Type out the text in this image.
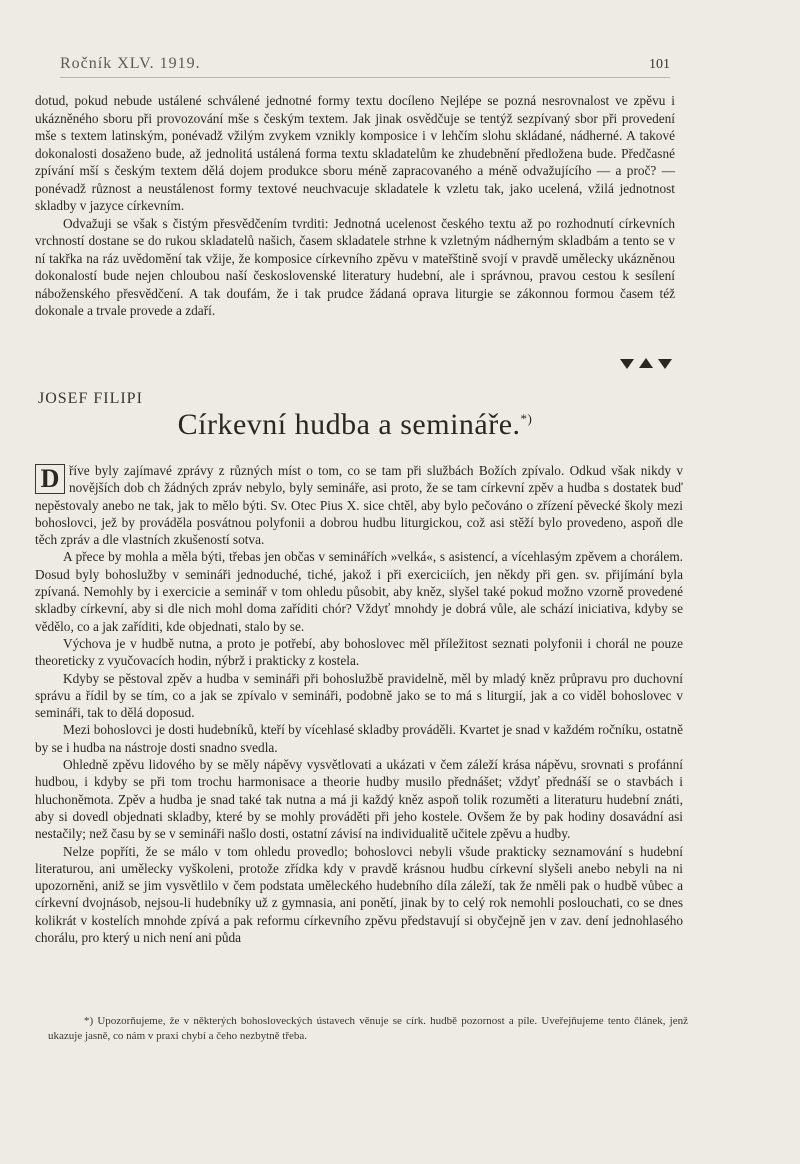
Ročník XLV. 1919.	101

dotud, pokud nebude ustálené schválené jednotné formy textu docíleno Nejlépe se pozná nesrovnalost ve zpěvu i ukázněného sboru při provozování mše s českým textem. Jak jinak osvědčuje se tentýž sezpívaný sbor při provedení mše s textem latinským, ponévadž vžilým zvykem vznikly komposice i v lehčím slohu skládané, nádherné. A takové dokonalosti dosaženo bude, až jednolitá ustálená forma textu skladatelům ke zhudebnění předložena bude. Předčasné zpívání mší s českým textem dělá dojem produkce sboru méně zapracovaného a méně odvažujícího — a proč? — ponévadž různost a neustálenost formy textové neuchvacuje skladatele k vzletu tak, jako ucelená, vžilá jednotnost skladby v jazyce církevním.

Odvažuji se však s čistým přesvědčením tvrditi: Jednotná ucelenost českého textu až po rozhodnutí církevních vrchností dostane se do rukou skladatelů našich, časem skladatele strhne k vzletným nádherným skladbám a tento se v ní takřka na ráz uvědomění tak vžije, že komposice církevního zpěvu v mateřštině svojí v pravdě umělecky ukázněnou dokonalostí bude nejen chloubou naší československé literatury hudební, ale i správnou, pravou cestou k sesílení náboženského přesvědčení. A tak doufám, že i tak prudce žádaná oprava liturgie se zákonnou formou časem též dokonale a trvale provede a zdaří.

JOSEF FILIPI
Církevní hudba a semináře.*)

D říve byly zajímavé zprávy z různých míst o tom, co se tam při službách Božích zpívalo. Odkud však nikdy v novějších dob ch žádných zpráv nebylo, byly semináře, asi proto, že se tam církevní zpěv a hudba s dostatek buď nepěstovaly anebo ne tak, jak to mělo býti. Sv. Otec Pius X. sice chtěl, aby bylo pečováno o zřízení pěvecké školy mezi bohoslovci, jež by prováděla posvátnou polyfonii a dobrou hudbu liturgickou, což asi stěží bylo provedeno, aspoň dle těch zpráv a dle vlastních zkušeností sotva.

A přece by mohla a měla býti, třebas jen občas v seminářích »velká«, s asistencí, a vícehlasým zpěvem a chorálem. Dosud byly bohoslužby v semináři jednoduché, tiché, jakož i při exerciciích, jen někdy při gen. sv. přijímání byla zpívaná. Nemohly by i exercicie a seminář v tom ohledu působit, aby kněz, slyšel také pokud možno vzorně provedené skladby církevní, aby si dle nich mohl doma zaříditi chór? Vždyť mnohdy je dobrá vůle, ale schází iniciativa, kdyby se vědělo, co a jak zaříditi, kde objednati, stalo by se.

Výchova je v hudbě nutna, a proto je potřebí, aby bohoslovec měl příležitost seznati polyfonii i chorál ne pouze theoreticky z vyučovacích hodin, nýbrž i prakticky z kostela.

Kdyby se pěstoval zpěv a hudba v semináři při bohoslužbě pravidelně, měl by mladý kněz průpravu pro duchovní správu a řídil by se tím, co a jak se zpívalo v semináři, podobně jako se to má s liturgií, jak a co viděl bohoslovec v semináři, tak to dělá doposud.

Mezi bohoslovci je dosti hudebníků, kteří by vícehlasé skladby prováděli. Kvartet je snad v každém ročníku, ostatně by se i hudba na nástroje dosti snadno svedla.

Ohledně zpěvu lidového by se měly nápěvy vysvětlovati a ukázati v čem záleží krása nápěvu, srovnati s profánní hudbou, i kdyby se při tom trochu harmonisace a theorie hudby musilo přednášet; vždyť přednáší se o stavbách i hluchoněmota. Zpěv a hudba je snad také tak nutna a má ji každý kněz aspoň tolik rozuměti a literaturu hudební znáti, aby si dovedl objednati skladby, které by se mohly prováděti při jeho kostele. Ovšem že by pak hodiny dosavádní asi nestačily; než času by se v semináři našlo dosti, ostatní závisí na individualitě učitele zpěvu a hudby.

Nelze popříti, že se málo v tom ohledu provedlo; bohoslovci nebyli všude prakticky seznamování s hudební literaturou, ani umělecky vyškoleni, protože zřídka kdy v pravdě krásnou hudbu církevní slyšeli anebo nebyli na ni upozorněni, aniž se jim vysvětlilo v čem podstata uměleckého hudebního díla záleží, tak že nměli pak o hudbě vůbec a církevní dvojnásob, nejsou-li hudebníky už z gymnasia, ani ponětí, jinak by to celý rok nemohli poslouchati, co se dnes kolikrát v kostelích mnohde zpívá a pak reformu církevního zpěvu představují si obyčejně jen v zav. dení jednohlasého chorálu, pro který u nich není ani půda

*) Upozorňujeme, že v některých bohosloveckých ústavech věnuje se círk. hudbě pozornost a píle. Uveřejňujeme tento článek, jenž ukazuje jasně, co nám v praxi chybí a čeho nezbytně třeba.
